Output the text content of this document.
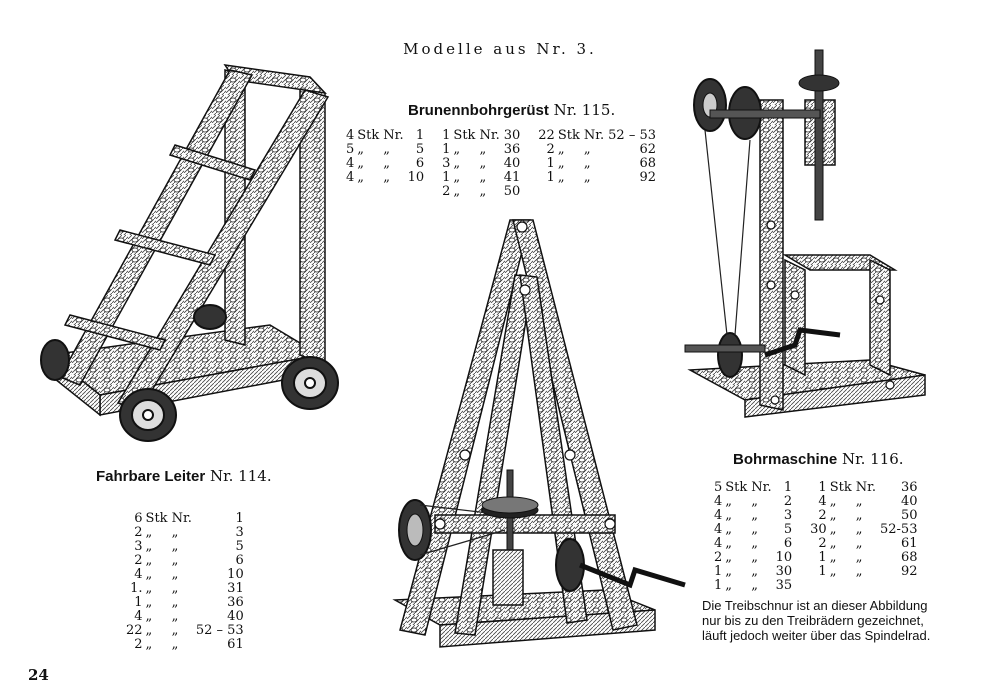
Modelle aus Nr. 3.
Brunennbohrgerüst Nr. 115.
4	Stk	Nr.	1		1	Stk	Nr.	30		22	Stk	Nr.	52 – 53
5	„	„	5		1	„	„	36		2	„	„	62
4	„	„	6		3	„	„	40		1	„	„	68
4	„	„	10		1	„	„	41		1	„	„	92
					2	„	„	50					
Fahrbare Leiter Nr. 114.
6	Stk	Nr.	1
2	„	„	3
3	„	„	5
2	„	„	6
4	„	„	10
1.	„	„	31
1	„	„	36
4	„	„	40
22	„	„	52 – 53
2	„	„	61
Bohrmaschine Nr. 116.
5	Stk	Nr.	1		1	Stk	Nr.	36
4	„	„	2		4	„	„	40
4	„	„	3		2	„	„	50
4	„	„	5		30	„	„	52-53
4	„	„	6		2	„	„	61
2	„	„	10		1	„	„	68
1	„	„	30		1	„	„	92
1	„	„	35					
Die Treibschnur ist an dieser Abbildung
nur bis zu den Treibrädern gezeichnet,
läuft jedoch weiter über das Spindelrad.
24
